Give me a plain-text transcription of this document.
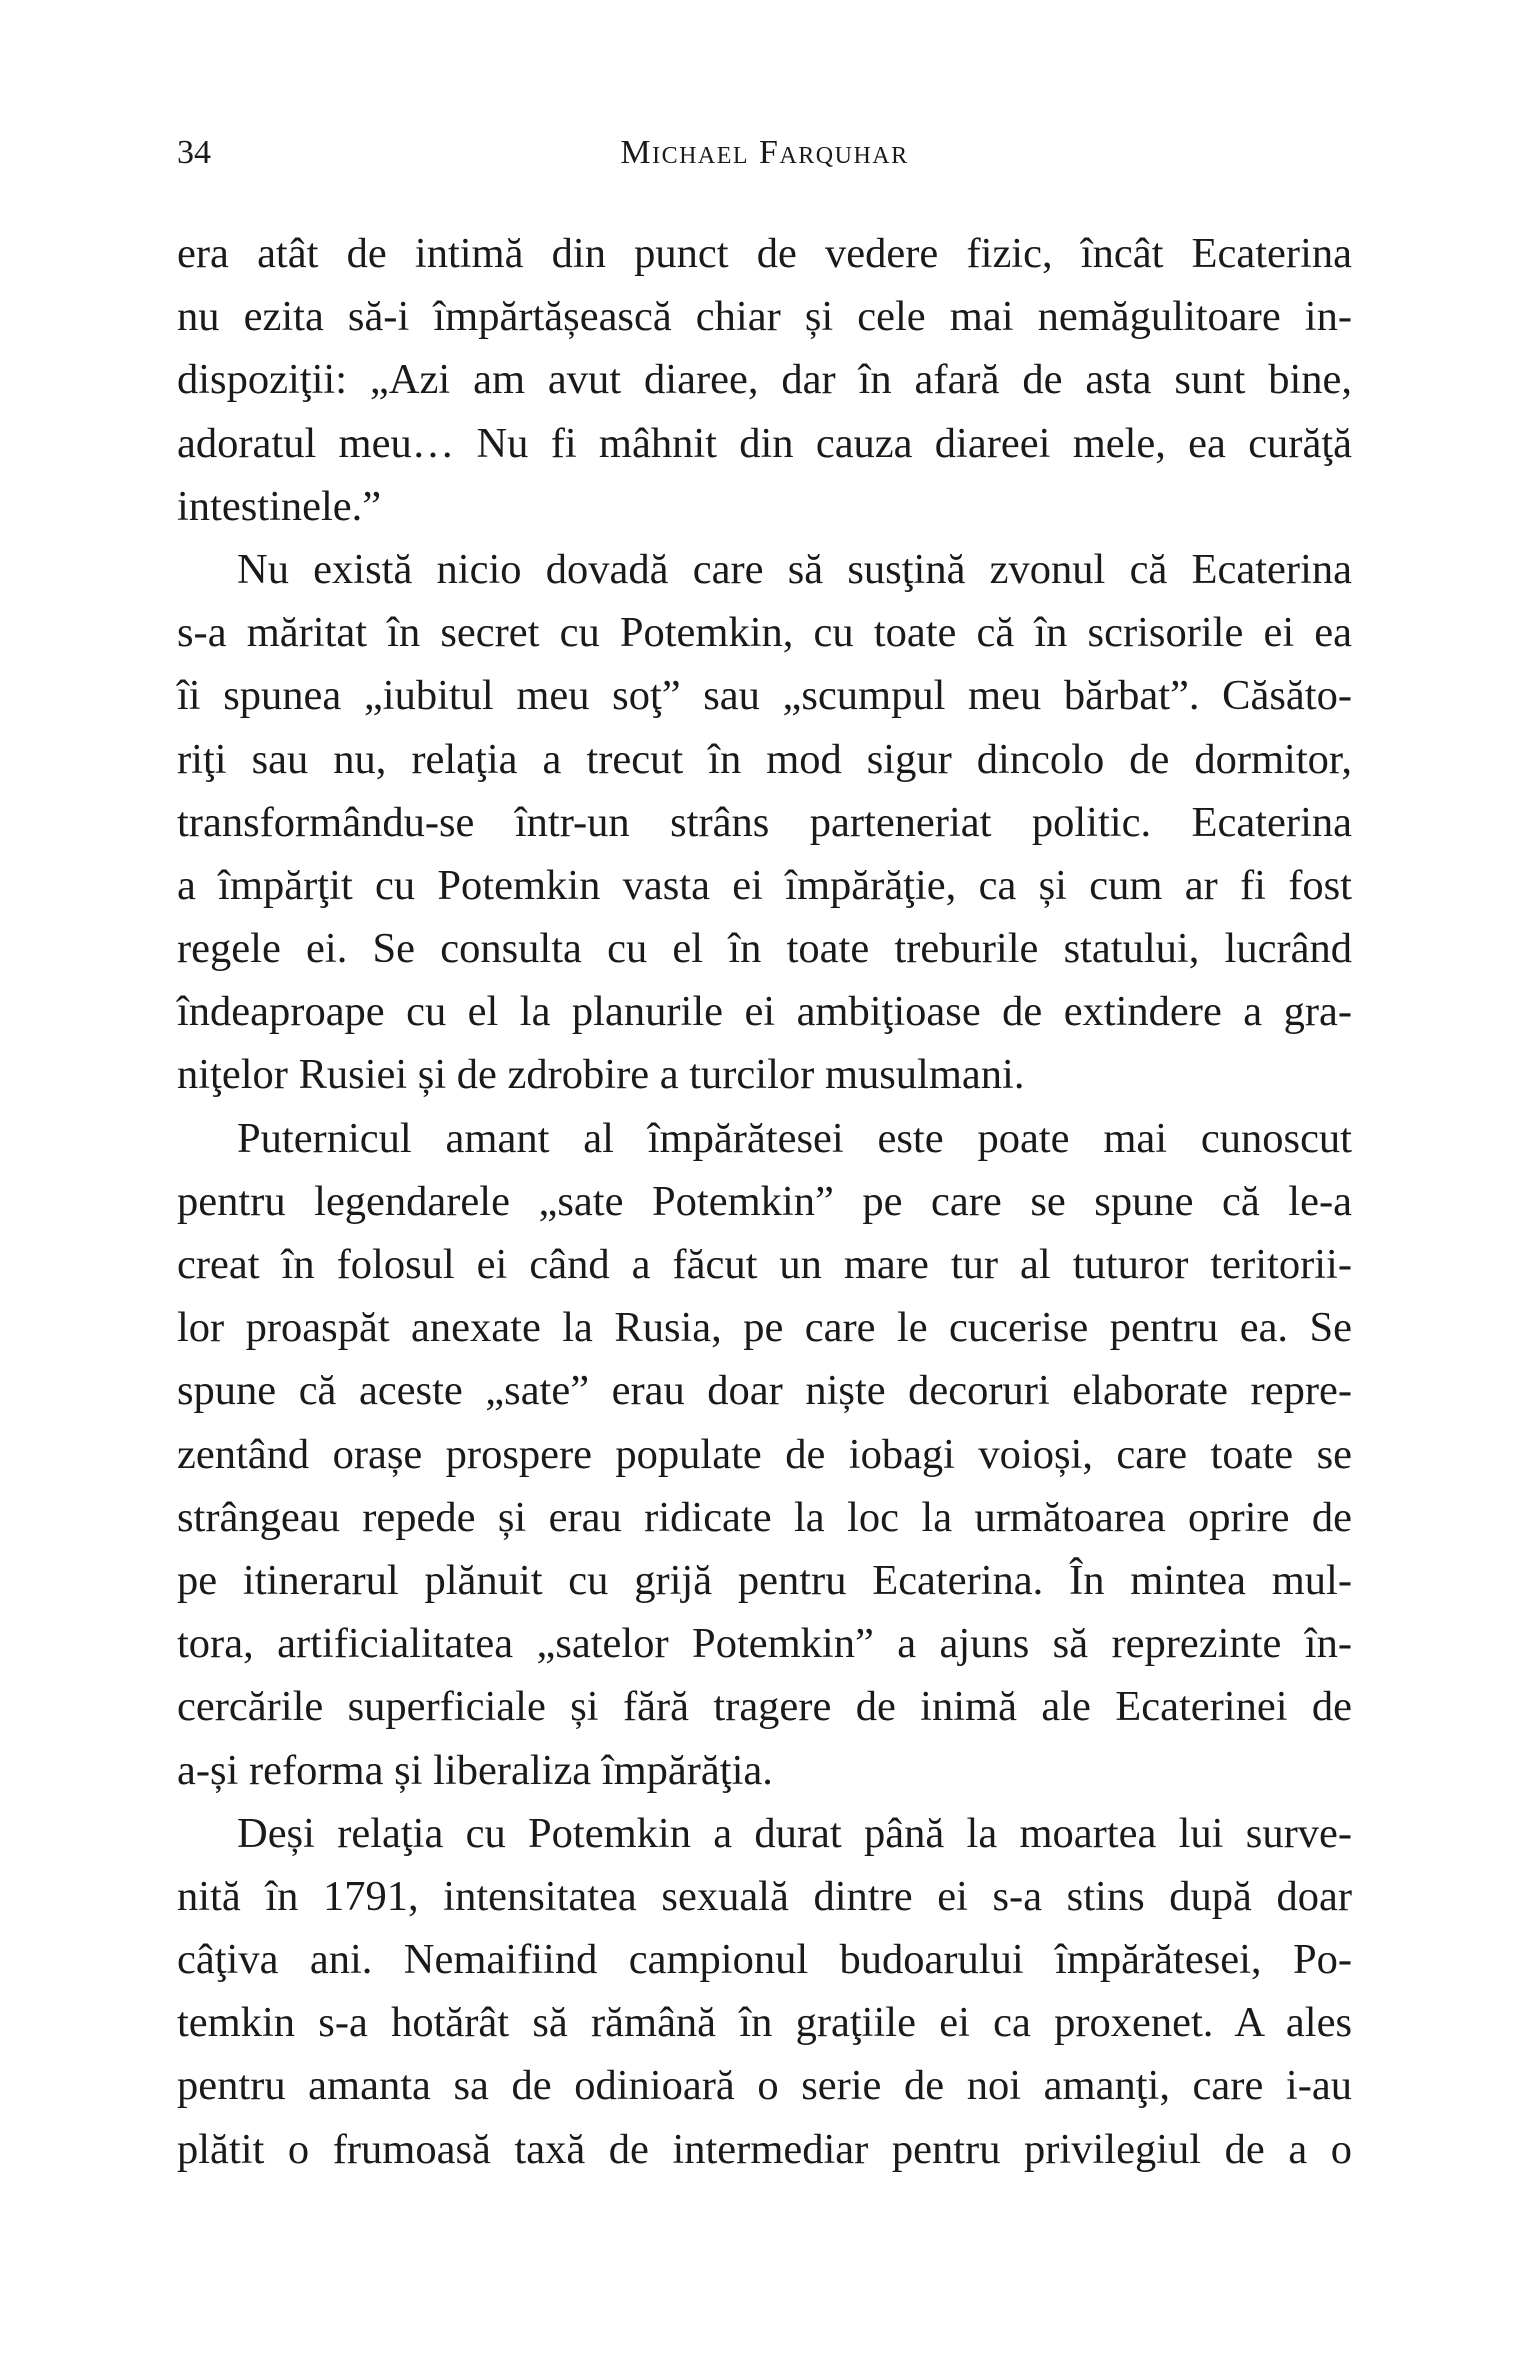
34	Michael Farquhar
era atât de intimă din punct de vedere fizic, încât Ecaterina
nu ezita să-i împărtășească chiar și cele mai nemăgulitoare in-
dispoziţii: „Azi am avut diaree, dar în afară de asta sunt bine,
adoratul meu… Nu fi mâhnit din cauza diareei mele, ea curăţă
intestinele.”
Nu există nicio dovadă care să susţină zvonul că Ecaterina
s-a măritat în secret cu Potemkin, cu toate că în scrisorile ei ea
îi spunea „iubitul meu soţ” sau „scumpul meu bărbat”. Căsăto-
riţi sau nu, relaţia a trecut în mod sigur dincolo de dormitor,
transformându-se într-un strâns parteneriat politic. Ecaterina
a împărţit cu Potemkin vasta ei împărăţie, ca și cum ar fi fost
regele ei. Se consulta cu el în toate treburile statului, lucrând
îndeaproape cu el la planurile ei ambiţioase de extindere a gra-
niţelor Rusiei și de zdrobire a turcilor musulmani.
Puternicul amant al împărătesei este poate mai cunoscut
pentru legendarele „sate Potemkin” pe care se spune că le-a
creat în folosul ei când a făcut un mare tur al tuturor teritorii-
lor proaspăt anexate la Rusia, pe care le cucerise pentru ea. Se
spune că aceste „sate” erau doar niște decoruri elaborate repre-
zentând orașe prospere populate de iobagi voioși, care toate se
strângeau repede și erau ridicate la loc la următoarea oprire de
pe itinerarul plănuit cu grijă pentru Ecaterina. În mintea mul-
tora, artificialitatea „satelor Potemkin” a ajuns să reprezinte în-
cercările superficiale și fără tragere de inimă ale Ecaterinei de
a-și reforma și liberaliza împărăţia.
Deși relaţia cu Potemkin a durat până la moartea lui surve-
nită în 1791, intensitatea sexuală dintre ei s-a stins după doar
câţiva ani. Nemaifiind campionul budoarului împărătesei, Po-
temkin s-a hotărât să rămână în graţiile ei ca proxenet. A ales
pentru amanta sa de odinioară o serie de noi amanţi, care i-au
plătit o frumoasă taxă de intermediar pentru privilegiul de a o
